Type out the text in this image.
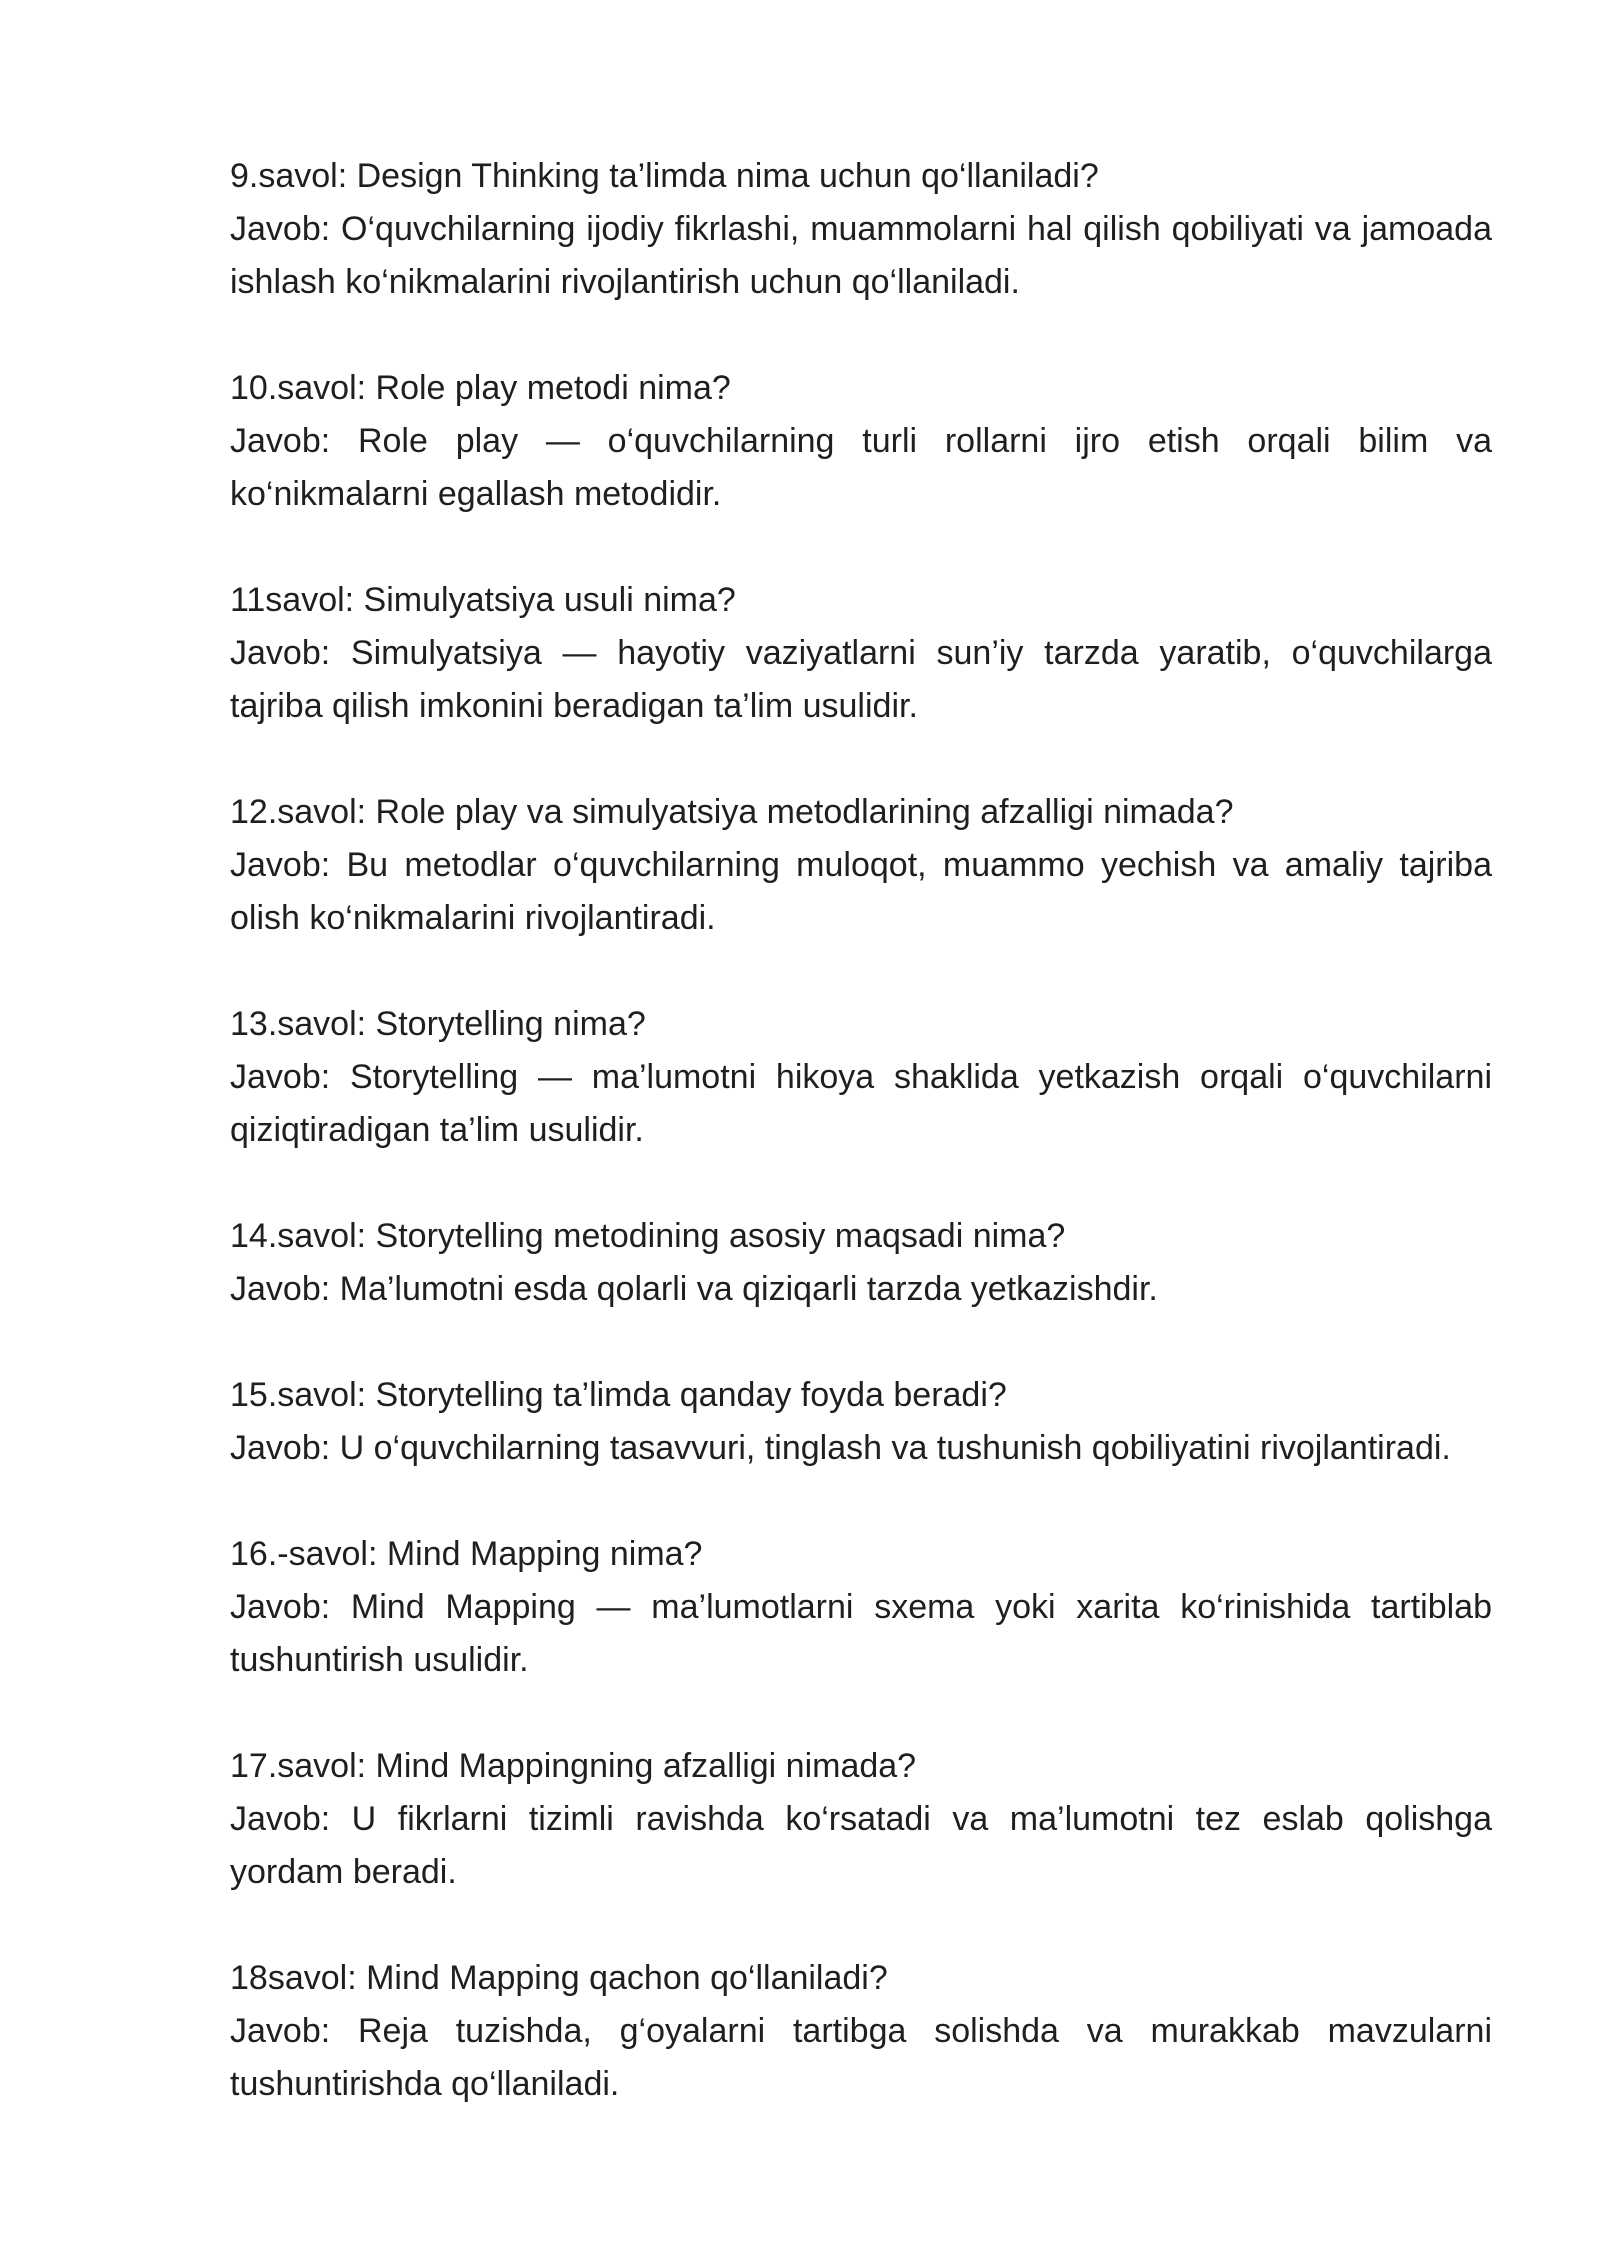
9.savol: Design Thinking ta’limda nima uchun qo‘llaniladi?

Javob: O‘quvchilarning ijodiy fikrlashi, muammolarni hal qilish qobiliyati va jamoada ishlash ko‘nikmalarini rivojlantirish uchun qo‘llaniladi.

10.savol: Role play metodi nima?

Javob: Role play — o‘quvchilarning turli rollarni ijro etish orqali bilim va ko‘nikmalarni egallash metodidir.

11savol: Simulyatsiya usuli nima?

Javob: Simulyatsiya — hayotiy vaziyatlarni sun’iy tarzda yaratib, o‘quvchilarga tajriba qilish imkonini beradigan ta’lim usulidir.

12.savol: Role play va simulyatsiya metodlarining afzalligi nimada?

Javob: Bu metodlar o‘quvchilarning muloqot, muammo yechish va amaliy tajriba olish ko‘nikmalarini rivojlantiradi.

13.savol: Storytelling nima?

Javob: Storytelling — ma’lumotni hikoya shaklida yetkazish orqali o‘quvchilarni qiziqtiradigan ta’lim usulidir.

14.savol: Storytelling metodining asosiy maqsadi nima?

Javob: Ma’lumotni esda qolarli va qiziqarli tarzda yetkazishdir.

15.savol: Storytelling ta’limda qanday foyda beradi?

Javob: U o‘quvchilarning tasavvuri, tinglash va tushunish qobiliyatini rivojlantiradi.

16.-savol: Mind Mapping nima?

Javob: Mind Mapping — ma’lumotlarni sxema yoki xarita ko‘rinishida tartiblab tushuntirish usulidir.

17.savol: Mind Mappingning afzalligi nimada?

Javob: U fikrlarni tizimli ravishda ko‘rsatadi va ma’lumotni tez eslab qolishga yordam beradi.

18savol: Mind Mapping qachon qo‘llaniladi?

Javob: Reja tuzishda, g‘oyalarni tartibga solishda va murakkab mavzularni tushuntirishda qo‘llaniladi.
